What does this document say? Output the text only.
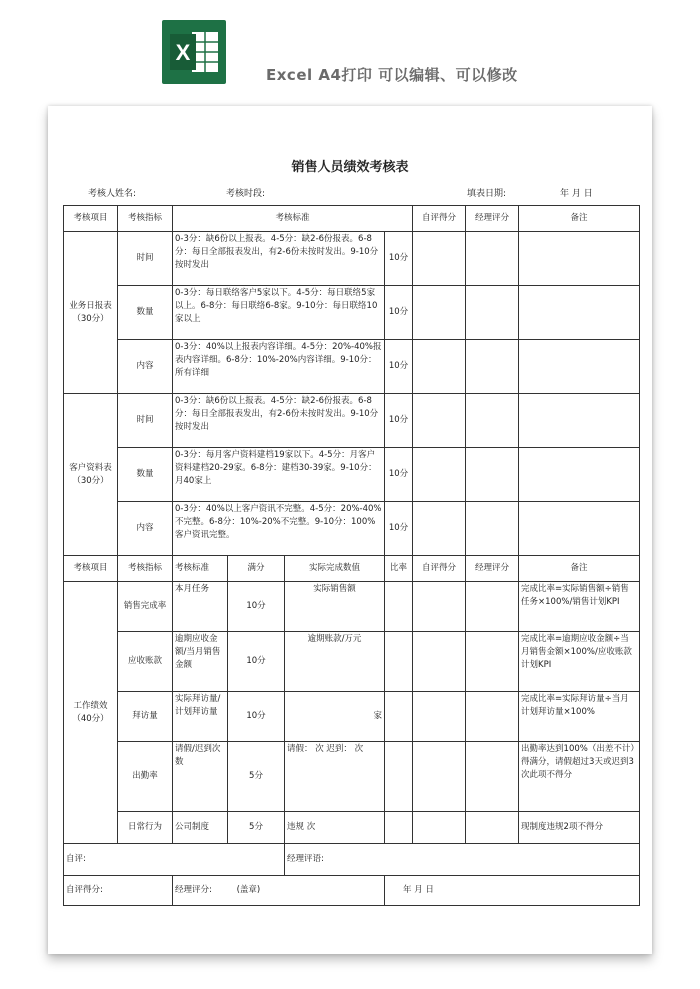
X
Excel A4打印 可以编辑、可以修改
销售人员绩效考核表
考核人姓名:	考核时段:	填表日期:	年 月 日
考核项目	考核指标	考核标准				自评得分	经理评分	备注
业务日报表（30分）	时间	0-3分：缺6份以上报表。4-5分：缺2-6份报表。6-8分：每日全部报表发出，有2-6份未按时发出。9-10分按时发出			10分			
	数量	0-3分：每日联络客户5家以下。4-5分：每日联络5家以上。6-8分：每日联络6-8家。9-10分：每日联络10家以上			10分			
	内容	0-3分：40%以上报表内容详细。4-5分：20%-40%报表内容详细。6-8分：10%-20%内容详细。9-10分：所有详细			10分			
客户资料表（30分）	时间	0-3分：缺6份以上报表。4-5分：缺2-6份报表。6-8分：每日全部报表发出，有2-6份未按时发出。9-10分按时发出			10分			
	数量	0-3分：每月客户资料建档19家以下。4-5分：月客户资料建档20-29家。6-8分：建档30-39家。9-10分：月40家上			10分			
	内容	0-3分：40%以上客户资讯不完整。4-5分：20%-40%不完整。6-8分：10%-20%不完整。9-10分：100%客户资讯完整。			10分			
考核项目	考核指标	考核标准	满分	实际完成数值	比率	自评得分	经理评分	备注
工作绩效（40分）	销售完成率	本月任务	10分	实际销售额				完成比率=实际销售额÷销售任务×100%/销售计划KPI
	应收账款	逾期应收金额/当月销售金额	10分	逾期账款/万元				完成比率=逾期应收金额÷当月销售金额×100%/应收账款计划KPI
	拜访量	实际拜访量/计划拜访量	10分	家				完成比率=实际拜访量÷当月计划拜访量×100%
	出勤率	请假/迟到次数	5分	请假： 次 迟到： 次				出勤率达到100%（出差不计）得满分，请假超过3天或迟到3次此项不得分
	日常行为	公司制度	5分	违规 次				现制度违规2项不得分
自评:				经理评语:				
自评得分:		经理评分: (盖章)			年 月 日			
